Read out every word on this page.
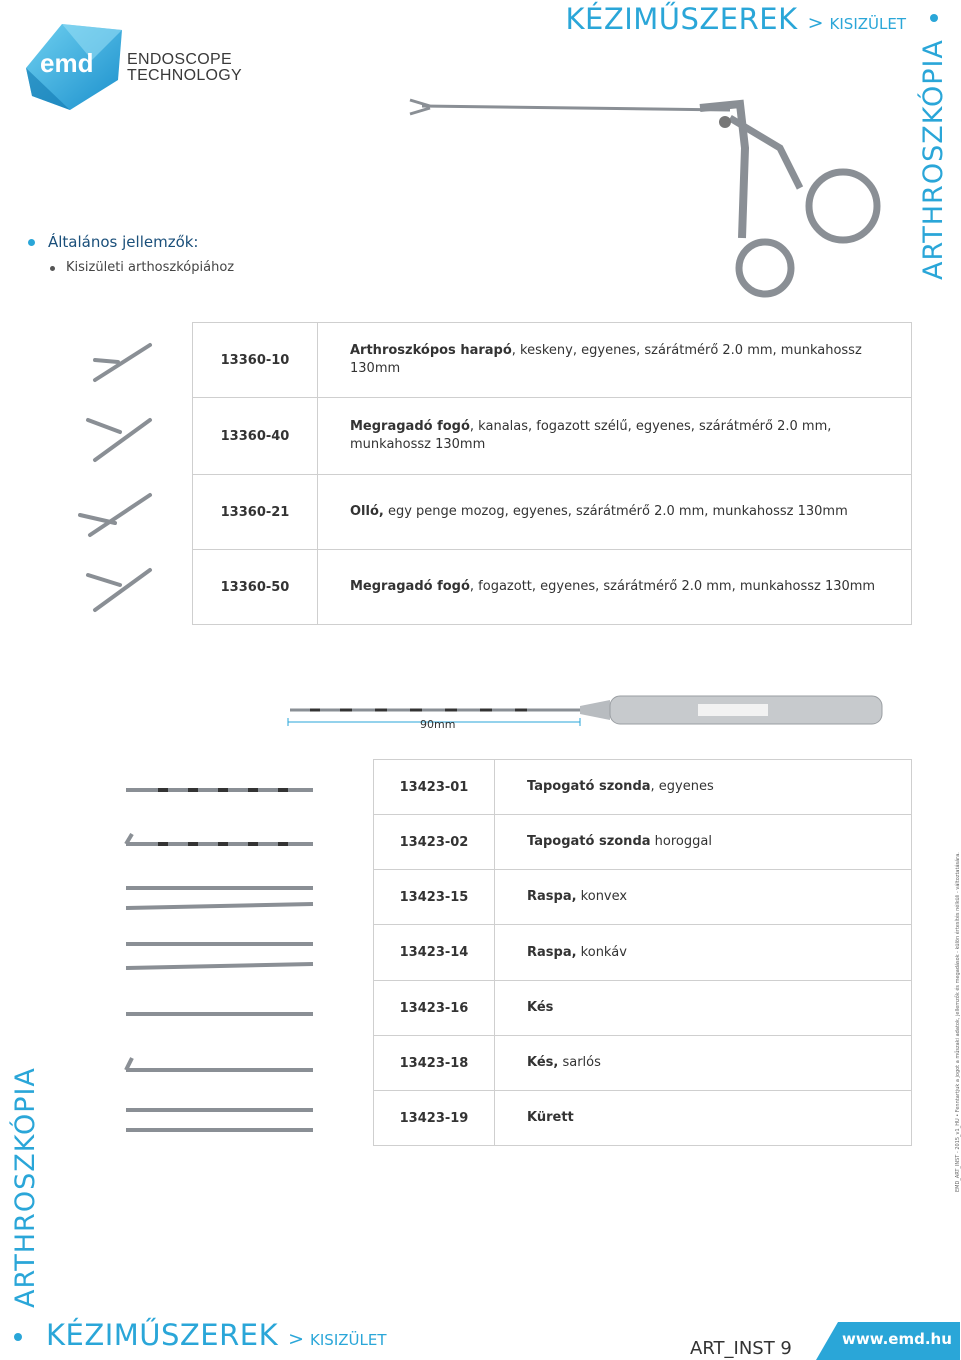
emd ENDOSCOPE
TECHNOLOGY
KÉZIMŰSZEREK > KISIZÜLET
ARTHROSZKÓPIA
Általános jellemzők:
Kisizületi arthoszkópiához
13360-10	Arthroszkópos harapó, keskeny, egyenes, szárátmérő 2.0 mm, munkahossz 130mm
13360-40	Megragadó fogó, kanalas, fogazott szélű, egyenes, szárátmérő 2.0 mm, munkahossz 130mm
13360-21	Olló, egy penge mozog, egyenes, szárátmérő 2.0 mm, munkahossz 130mm
13360-50	Megragadó fogó, fogazott, egyenes, szárátmérő 2.0 mm, munkahossz 130mm
90mm
13423-01	Tapogató szonda, egyenes
13423-02	Tapogató szonda horoggal
13423-15	Raspa, konvex
13423-14	Raspa, konkáv
13423-16	Kés
13423-18	Kés, sarlós
13423-19	Kürett	EMD_ART_INST - 2015_v1_HU • Fenntartjuk a jogot a műszaki adatok, jellemzők és megadások - külön értesítés nélküli - változtatására.
ARTHROSZKÓPIA
KÉZIMŰSZEREK > KISIZÜLET	ART_INST 9	www.emd.hu
